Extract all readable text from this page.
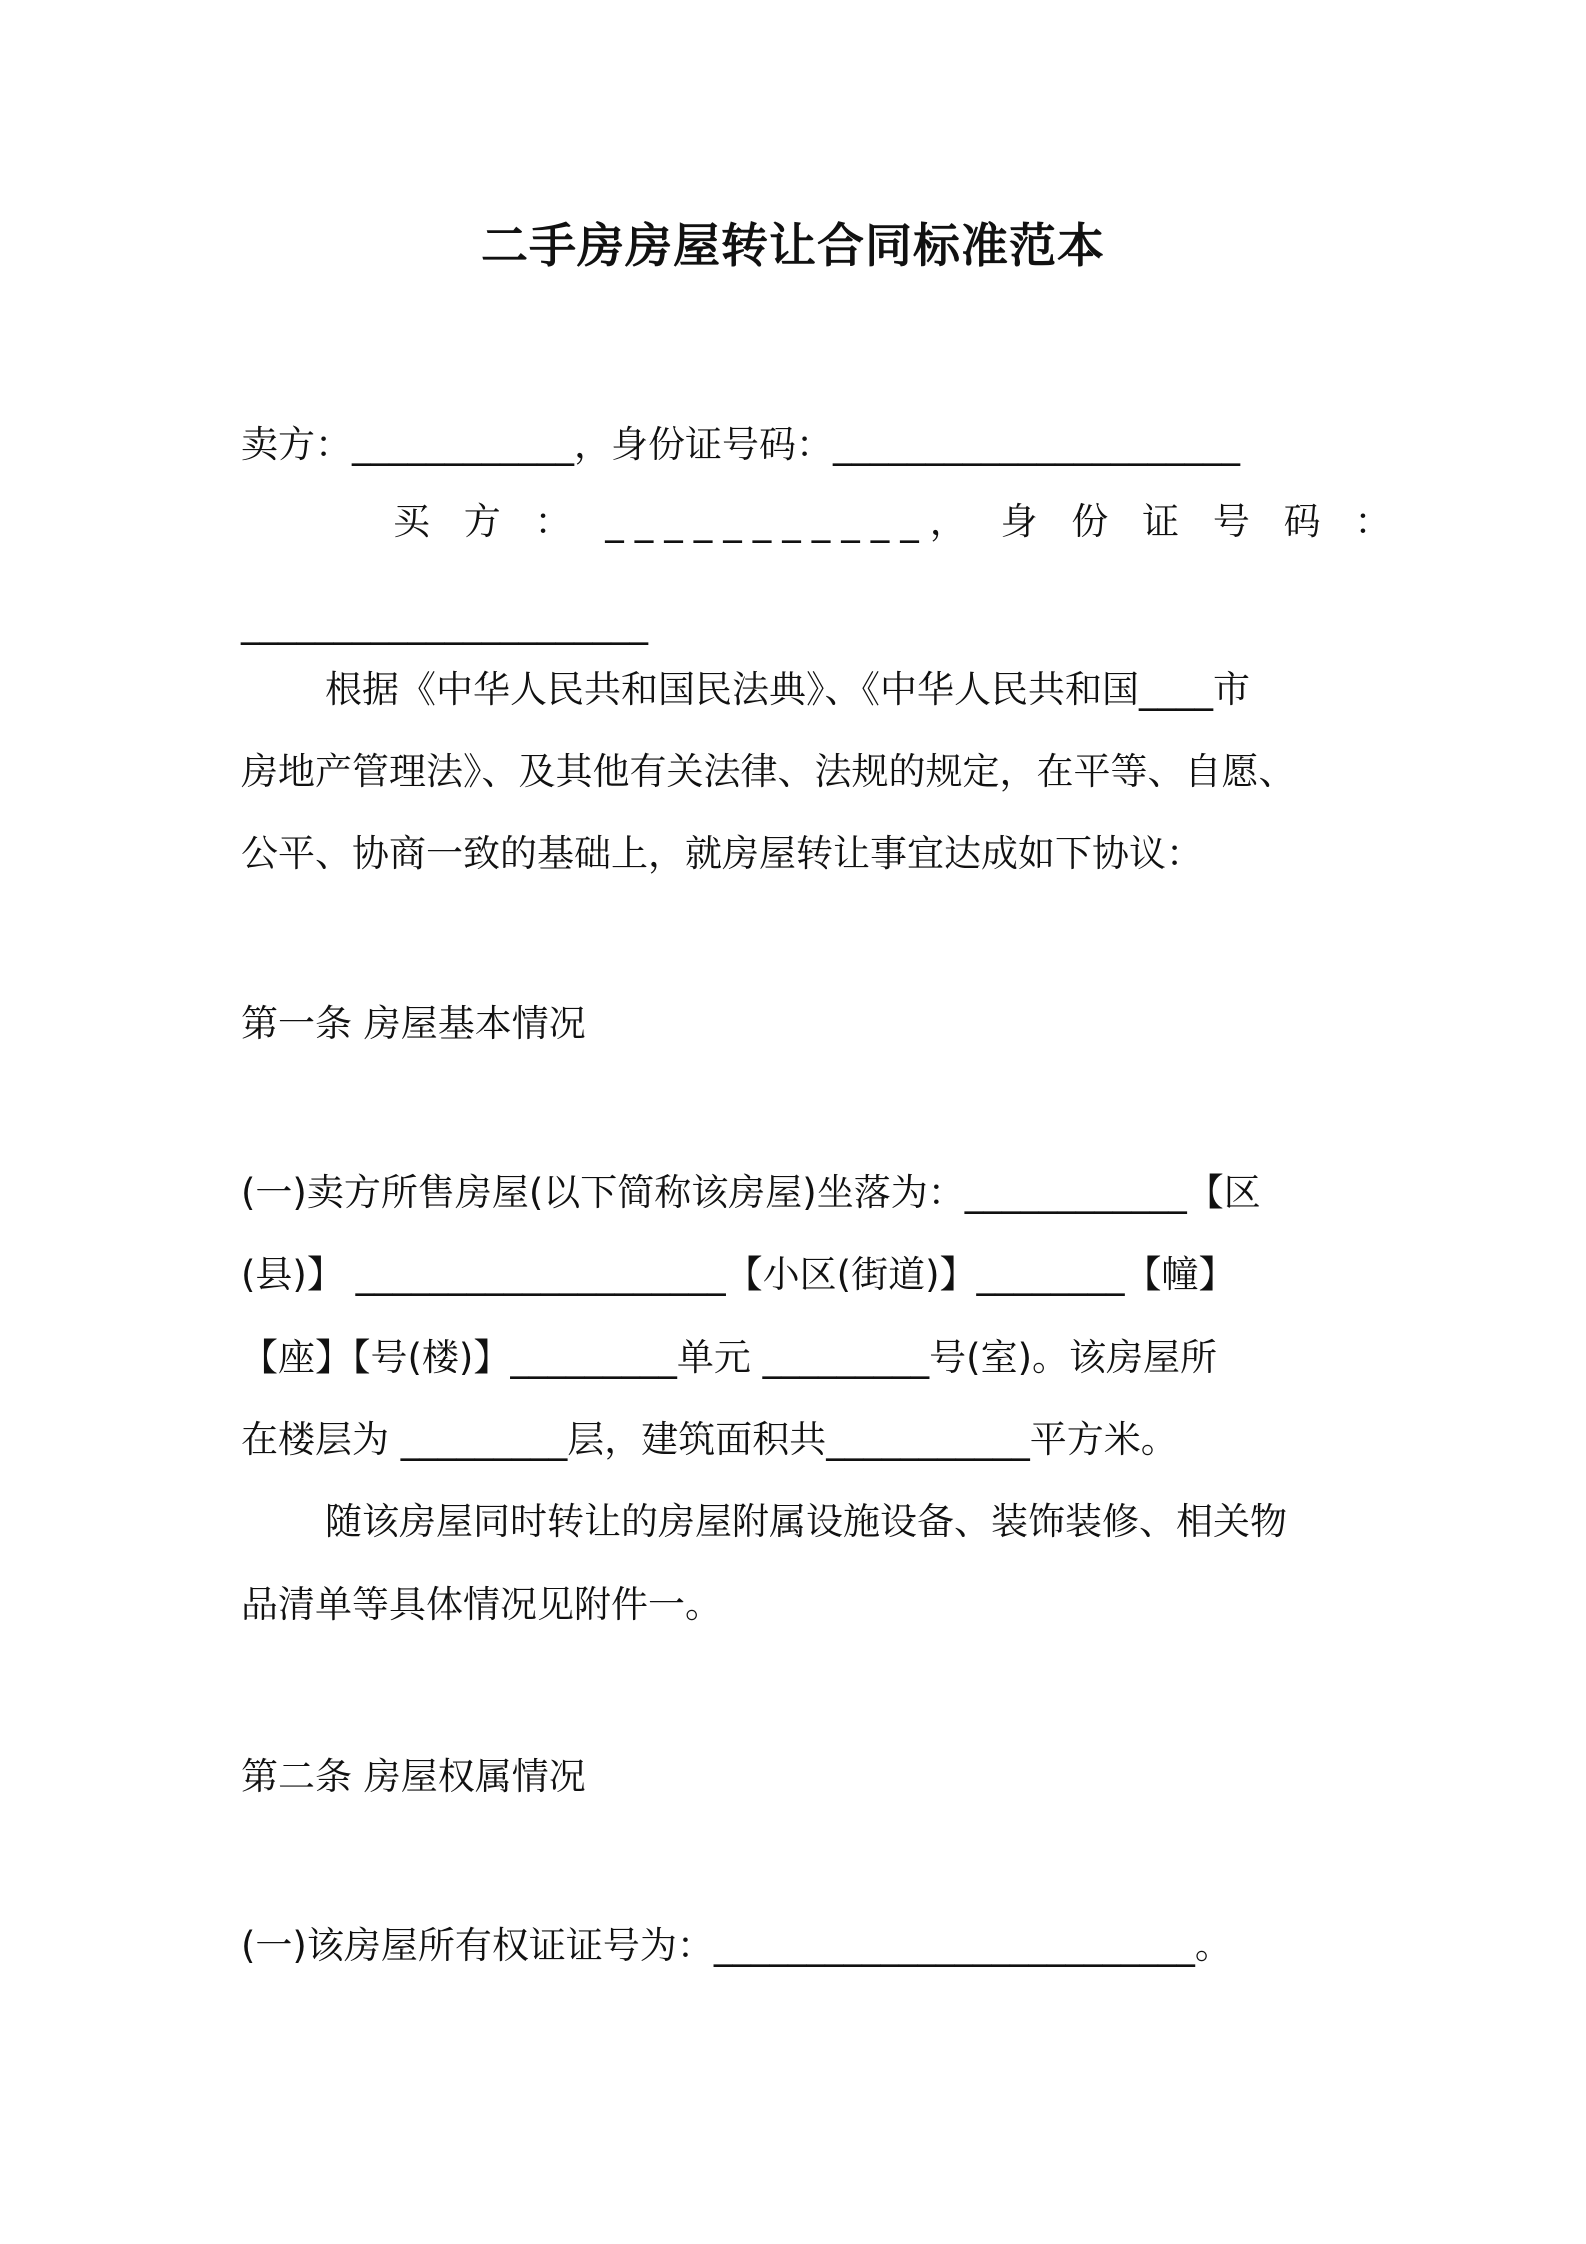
二手房房屋转让合同标准范本

卖方：____________，身份证号码：______________________

买 方 ： ___________， 身 份 证 号 码 ：

______________________

根据《中华人民共和国民法典》、《中华人民共和国____市

房地产管理法》、及其他有关法律、法规的规定，在平等、自愿、

公平、协商一致的基础上，就房屋转让事宜达成如下协议：

第一条 房屋基本情况

(一)卖方所售房屋(以下简称该房屋)坐落为：____________【区

(县)】 ____________________【小区(街道)】________【幢】

【座】【号(楼)】_________单元 _________号(室)。该房屋所

在楼层为 _________层，建筑面积共___________平方米。

随该房屋同时转让的房屋附属设施设备、装饰装修、相关物

品清单等具体情况见附件一。

第二条 房屋权属情况

(一)该房屋所有权证证号为：__________________________。
